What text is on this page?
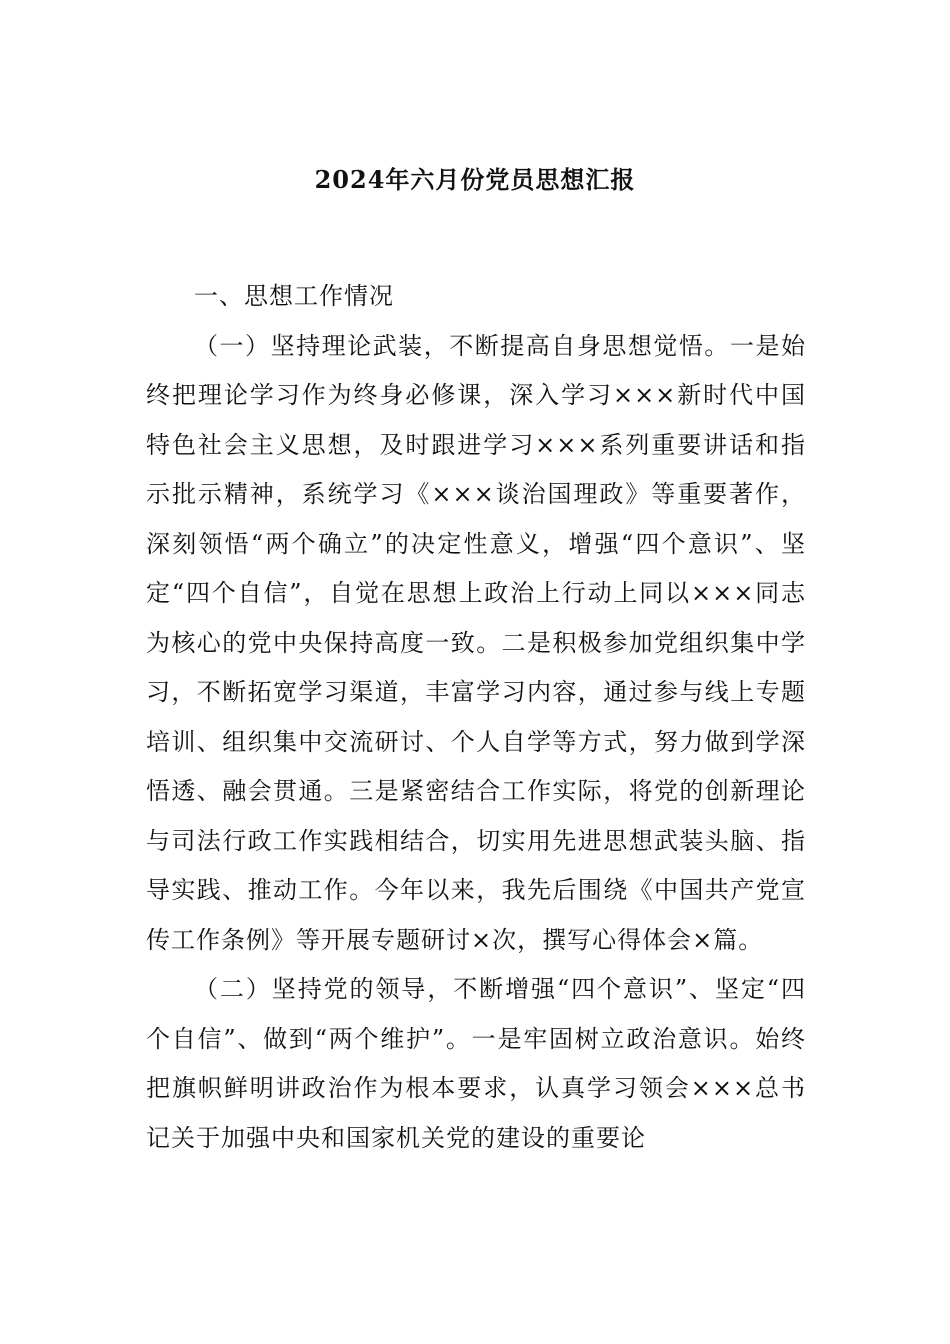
2024年六月份党员思想汇报

一、思想工作情况

（一）坚持理论武装，不断提高自身思想觉悟。一是始终把理论学习作为终身必修课，深入学习×××新时代中国特色社会主义思想，及时跟进学习×××系列重要讲话和指示批示精神，系统学习《×××谈治国理政》等重要著作，深刻领悟“两个确立”的决定性意义，增强“四个意识”、坚定“四个自信”，自觉在思想上政治上行动上同以×××同志为核心的党中央保持高度一致。二是积极参加党组织集中学习，不断拓宽学习渠道，丰富学习内容，通过参与线上专题培训、组织集中交流研讨、个人自学等方式，努力做到学深悟透、融会贯通。三是紧密结合工作实际，将党的创新理论与司法行政工作实践相结合，切实用先进思想武装头脑、指导实践、推动工作。今年以来，我先后围绕《中国共产党宣传工作条例》等开展专题研讨×次，撰写心得体会×篇。

（二）坚持党的领导，不断增强“四个意识”、坚定“四个自信”、做到“两个维护”。一是牢固树立政治意识。始终把旗帜鲜明讲政治作为根本要求，认真学习领会×××总书记关于加强中央和国家机关党的建设的重要论
